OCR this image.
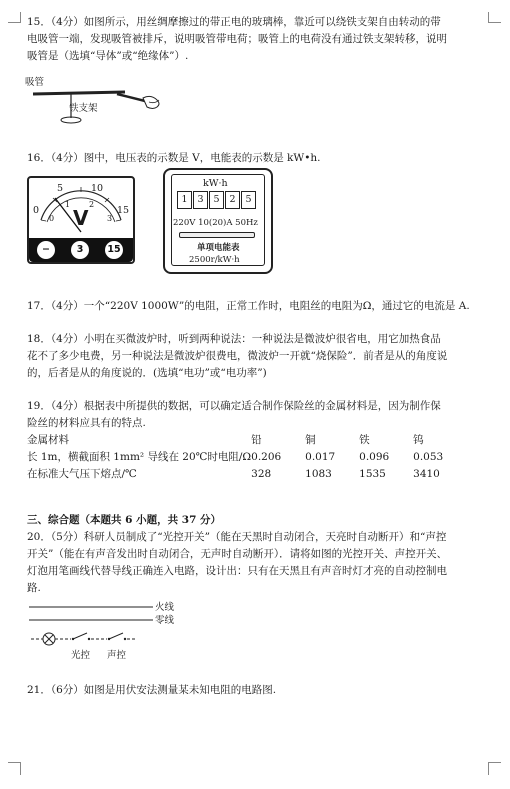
15．（4分）如图所示，用丝绸摩擦过的带正电的玻璃棒，靠近可以绕铁支架自由转动的带
电吸管一端，发现吸管被排斥，说明吸管带电荷；吸管上的电荷没有通过铁支架转移，说明
吸管是（选填“导体”或“绝缘体”）.
吸管
铁支架
16．（4分）图中，电压表的示数是 V，电能表的示数是 kW•h.
0
5	10
15
0
1 2
3
V
−	3	15
kW·h
1 3 5 2 5
220V 10(20)A 50Hz
单项电能表
2500r/kW·h
17．（4分）一个“220V 1000W”的电阻，正常工作时，电阻丝的电阻为Ω，通过它的电流是 A.
18．（4分）小明在买微波炉时，听到两种说法：一种说法是微波炉很省电，用它加热食品
花不了多少电费，另一种说法是微波炉很费电，微波炉一开就“烧保险”．前者是从的角度说
的，后者是从的角度说的．(选填“电功”或“电功率”)
19．（4分）根据表中所提供的数据，可以确定适合制作保险丝的金属材料是，因为制作保
险丝的材料应具有的特点.
金属材料	铅	铜	铁	钨
长 1m，横截面积 1mm² 导线在 20℃时电阻/Ω	0.206	0.017	0.096	0.053
在标准大气压下熔点/℃	328	1083	1535	3410
三、综合题（本题共 6 小题，共 37 分）
20．（5分）科研人员制成了“光控开关”（能在天黑时自动闭合，天亮时自动断开）和“声控
开关”（能在有声音发出时自动闭合，无声时自动断开）．请将如图的光控开关、声控开关、
灯泡用笔画线代替导线正确连入电路，设计出：只有在天黑且有声音时灯才亮的自动控制电
路.
火线
零线
光控 声控
21．（6分）如图是用伏安法测量某未知电阻的电路图.
